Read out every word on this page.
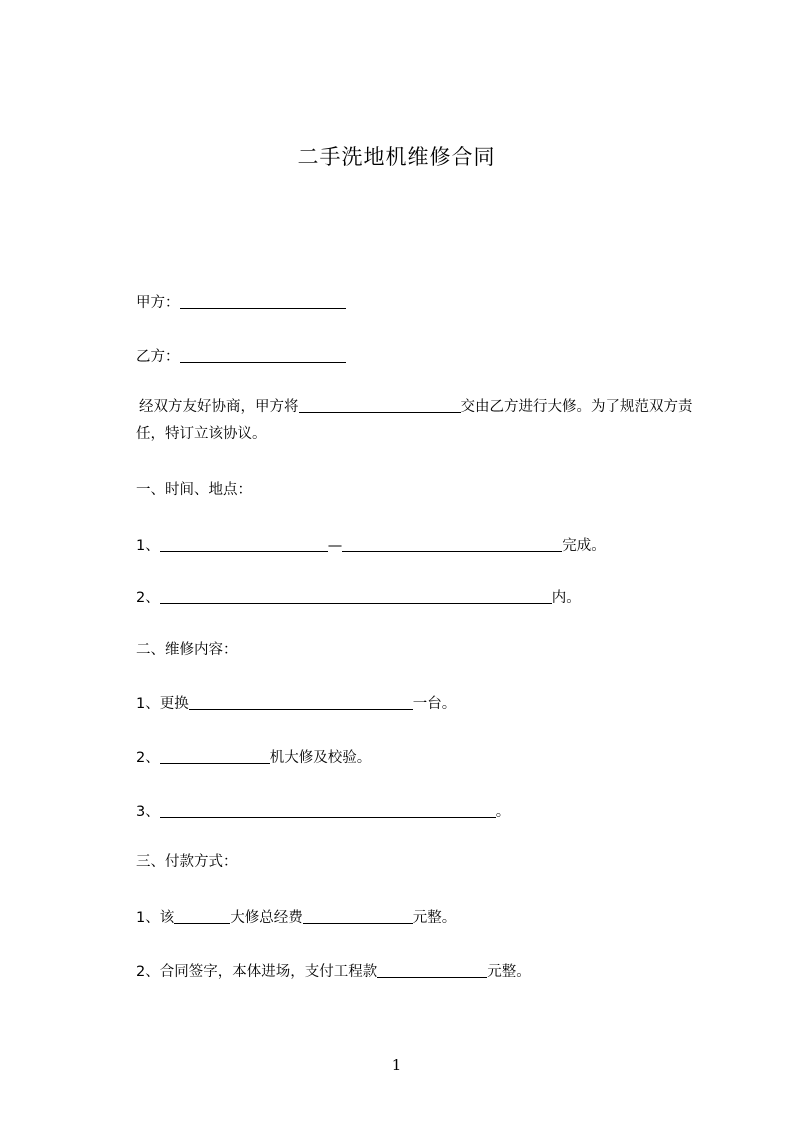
二手洗地机维修合同
甲方：
乙方：
经双方友好协商，甲方将	交由乙方进行大修。为了规范双方责任，特订立该协议。
一、时间、地点：
1、	—	完成。
2、	内。
二、维修内容：
1、更换	一台。
2、	机大修及校验。
3、	。
三、付款方式：
1、该	大修总经费	元整。
2、合同签字，本体进场，支付工程款	元整。
1
